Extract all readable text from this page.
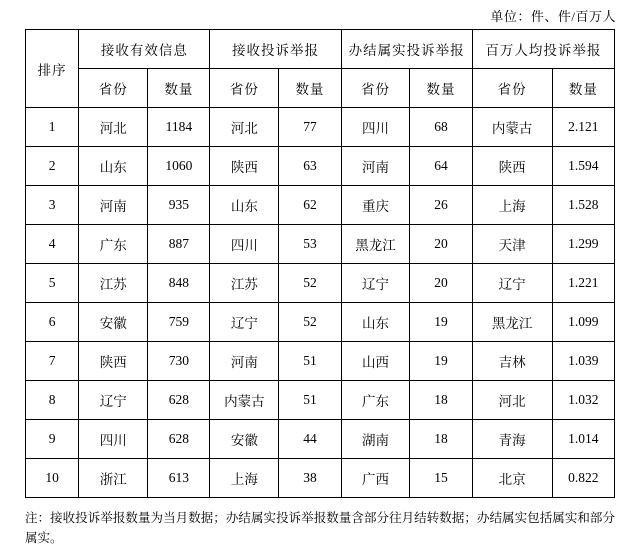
单位：件、件/百万人
排序	接收有效信息		接收投诉举报		办结属实投诉举报		百万人均投诉举报	
	省份	数量	省份	数量	省份	数量	省份	数量
1	河北	1184	河北	77	四川	68	内蒙古	2.121
2	山东	1060	陕西	63	河南	64	陕西	1.594
3	河南	935	山东	62	重庆	26	上海	1.528
4	广东	887	四川	53	黑龙江	20	天津	1.299
5	江苏	848	江苏	52	辽宁	20	辽宁	1.221
6	安徽	759	辽宁	52	山东	19	黑龙江	1.099
7	陕西	730	河南	51	山西	19	吉林	1.039
8	辽宁	628	内蒙古	51	广东	18	河北	1.032
9	四川	628	安徽	44	湖南	18	青海	1.014
10	浙江	613	上海	38	广西	15	北京	0.822
注：接收投诉举报数量为当月数据；办结属实投诉举报数量含部分往月结转数据；办结属实包括属实和部分属实。
